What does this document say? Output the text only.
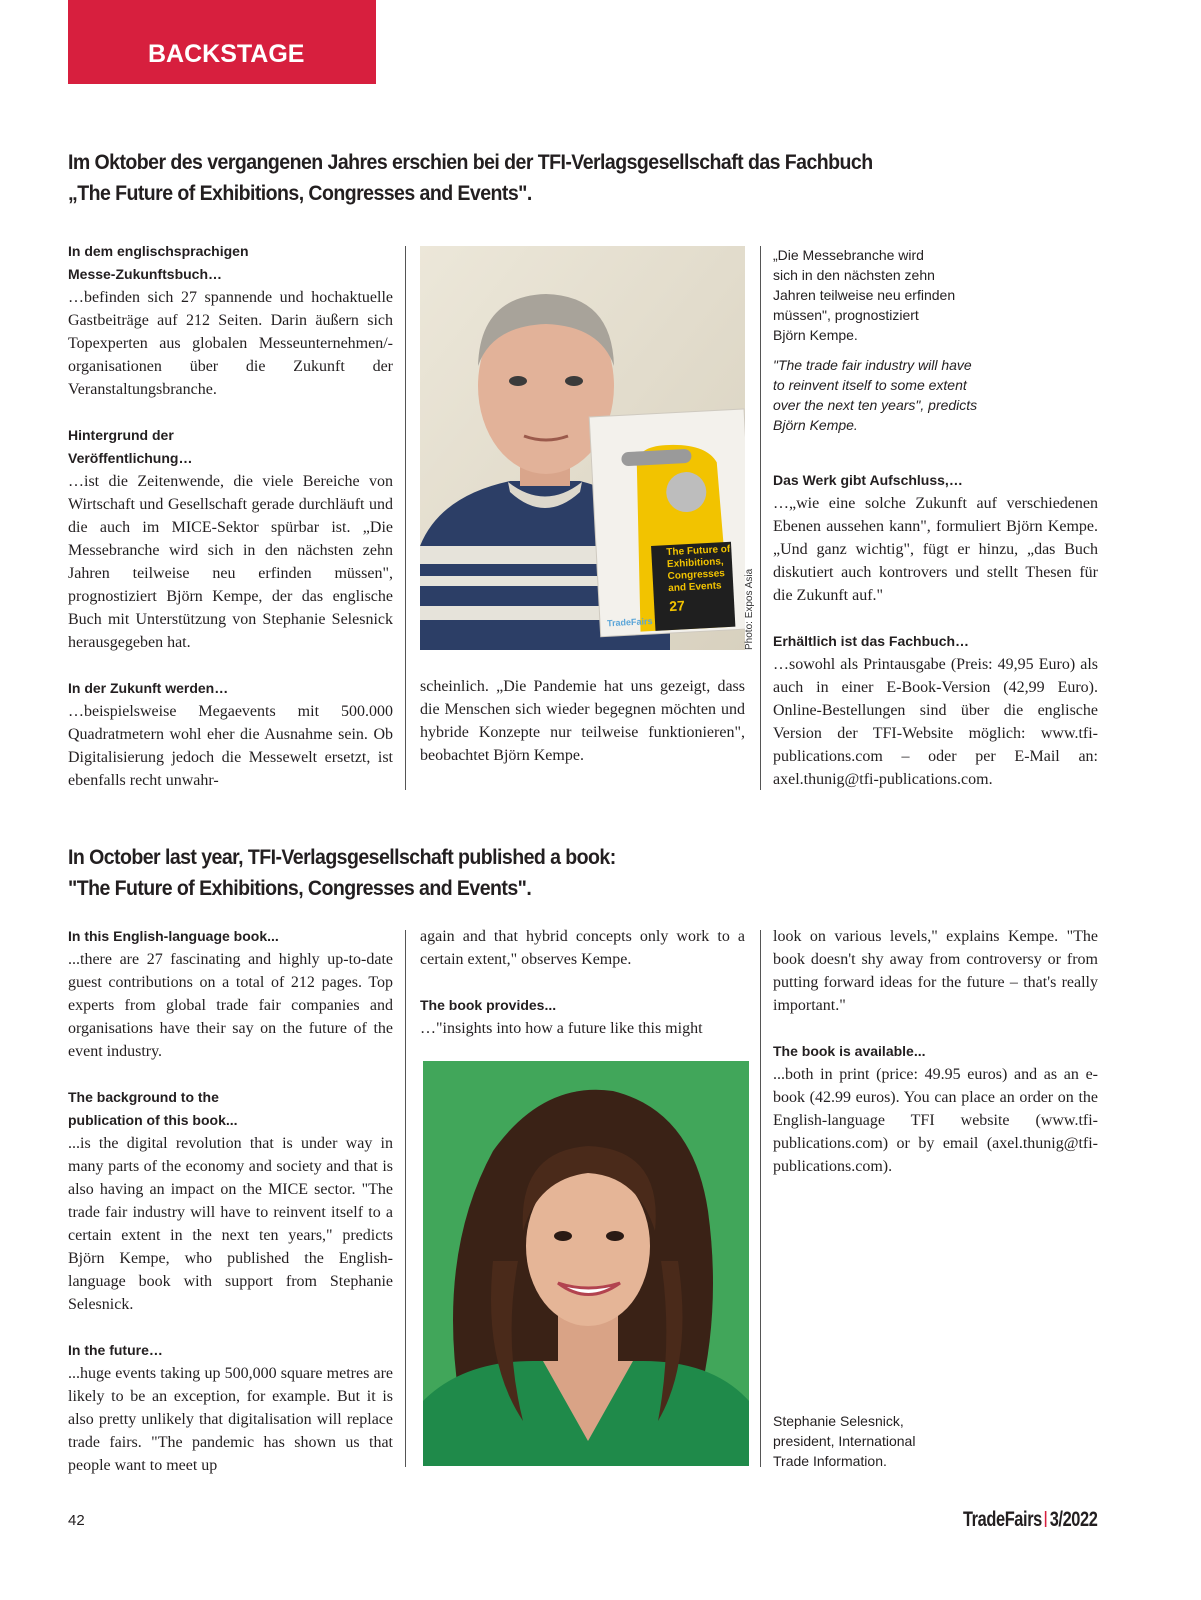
BACKSTAGE
Im Oktober des vergangenen Jahres erschien bei der TFI-Verlagsgesellschaft das Fachbuch
„The Future of Exhibitions, Congresses and Events".
In dem englischsprachigen
Messe-Zukunftsbuch…

…befinden sich 27 spannende und hochaktuelle Gastbeiträge auf 212 Seiten. Darin äußern sich Topexperten aus globalen Messeunternehmen/-organisationen über die Zukunft der Veranstaltungsbranche.

Hintergrund der
Veröffentlichung…

…ist die Zeitenwende, die viele Bereiche von Wirtschaft und Gesellschaft gerade durchläuft und die auch im MICE-Sektor spürbar ist. „Die Messebranche wird sich in den nächsten zehn Jahren teilweise neu erfinden müssen", prognostiziert Björn Kempe, der das englische Buch mit Unterstützung von Stephanie Selesnick herausgegeben hat.

In der Zukunft werden…

…beispielsweise Megaevents mit 500.000 Quadratmetern wohl eher die Ausnahme sein. Ob Digitalisierung jedoch die Messewelt ersetzt, ist ebenfalls recht unwahr-

The Future of
Exhibitions,
Congresses
and Events
27
TradeFairs	Photo: Expos Asia

scheinlich. „Die Pandemie hat uns gezeigt, dass die Menschen sich wieder begegnen möchten und hybride Konzepte nur teilweise funktionieren", beobachtet Björn Kempe.

„Die Messebranche wird
sich in den nächsten zehn
Jahren teilweise neu erfinden
müssen", prognostiziert
Björn Kempe.
"The trade fair industry will have
to reinvent itself to some extent
over the next ten years", predicts
Björn Kempe.
Das Werk gibt Aufschluss,…

…„wie eine solche Zukunft auf verschiedenen Ebenen aussehen kann", formuliert Björn Kempe. „Und ganz wichtig", fügt er hinzu, „das Buch diskutiert auch kontrovers und stellt Thesen für die Zukunft auf."

Erhältlich ist das Fachbuch…

…sowohl als Printausgabe (Preis: 49,95 Euro) als auch in einer E-Book-Version (42,99 Euro). Online-Bestellungen sind über die englische Version der TFI-Website möglich: www.tfi-publications.com – oder per E-Mail an: axel.thunig@tfi-publications.com.

In October last year, TFI-Verlagsgesellschaft published a book:
"The Future of Exhibitions, Congresses and Events".
In this English-language book...

...there are 27 fascinating and highly up-to-date guest contributions on a total of 212 pages. Top experts from global trade fair companies and organisations have their say on the future of the event industry.

The background to the
publication of this book...

...is the digital revolution that is under way in many parts of the economy and society and that is also having an impact on the MICE sector. "The trade fair industry will have to reinvent itself to a certain extent in the next ten years," predicts Björn Kempe, who published the English-language book with support from Stephanie Selesnick.

In the future…

...huge events taking up 500,000 square metres are likely to be an exception, for example. But it is also pretty unlikely that digitalisation will replace trade fairs. "The pandemic has shown us that people want to meet up

again and that hybrid concepts only work to a certain extent," observes Kempe.

The book provides...

…"insights into how a future like this might

look on various levels," explains Kempe. "The book doesn't shy away from controversy or from putting forward ideas for the future – that's really important."

The book is available...

...both in print (price: 49.95 euros) and as an e-book (42.99 euros). You can place an order on the English-language TFI website (www.tfi-publications.com) or by email (axel.thunig@tfi-publications.com).

Stephanie Selesnick,
president, International
Trade Information.
42	TradeFairs 3/2022
